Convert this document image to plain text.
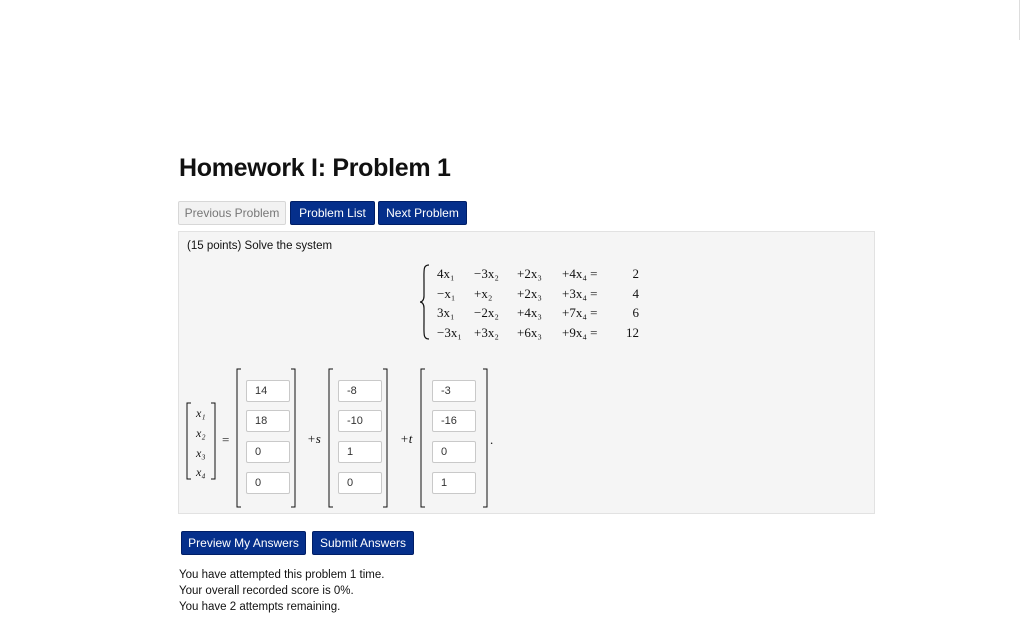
Homework I: Problem 1
Previous Problem	Problem List	Next Problem
(15 points) Solve the system
4x₁ −3x₂ +2x₃ +4x₄ =	2
−x₁ +x₂ +2x₃ +3x₄ =	4
3x₁ −2x₂ +4x₃ +7x₄ =	6
−3x₁ +3x₂ +6x₃ +9x₄ = 12
x₁
x₂
x₃
x₄
=
14
18
0
0	+s
-8
-10
1
0	+t
-3
-16
0
1	.
Preview My Answers	Submit Answers
You have attempted this problem 1 time.
Your overall recorded score is 0%.
You have 2 attempts remaining.
